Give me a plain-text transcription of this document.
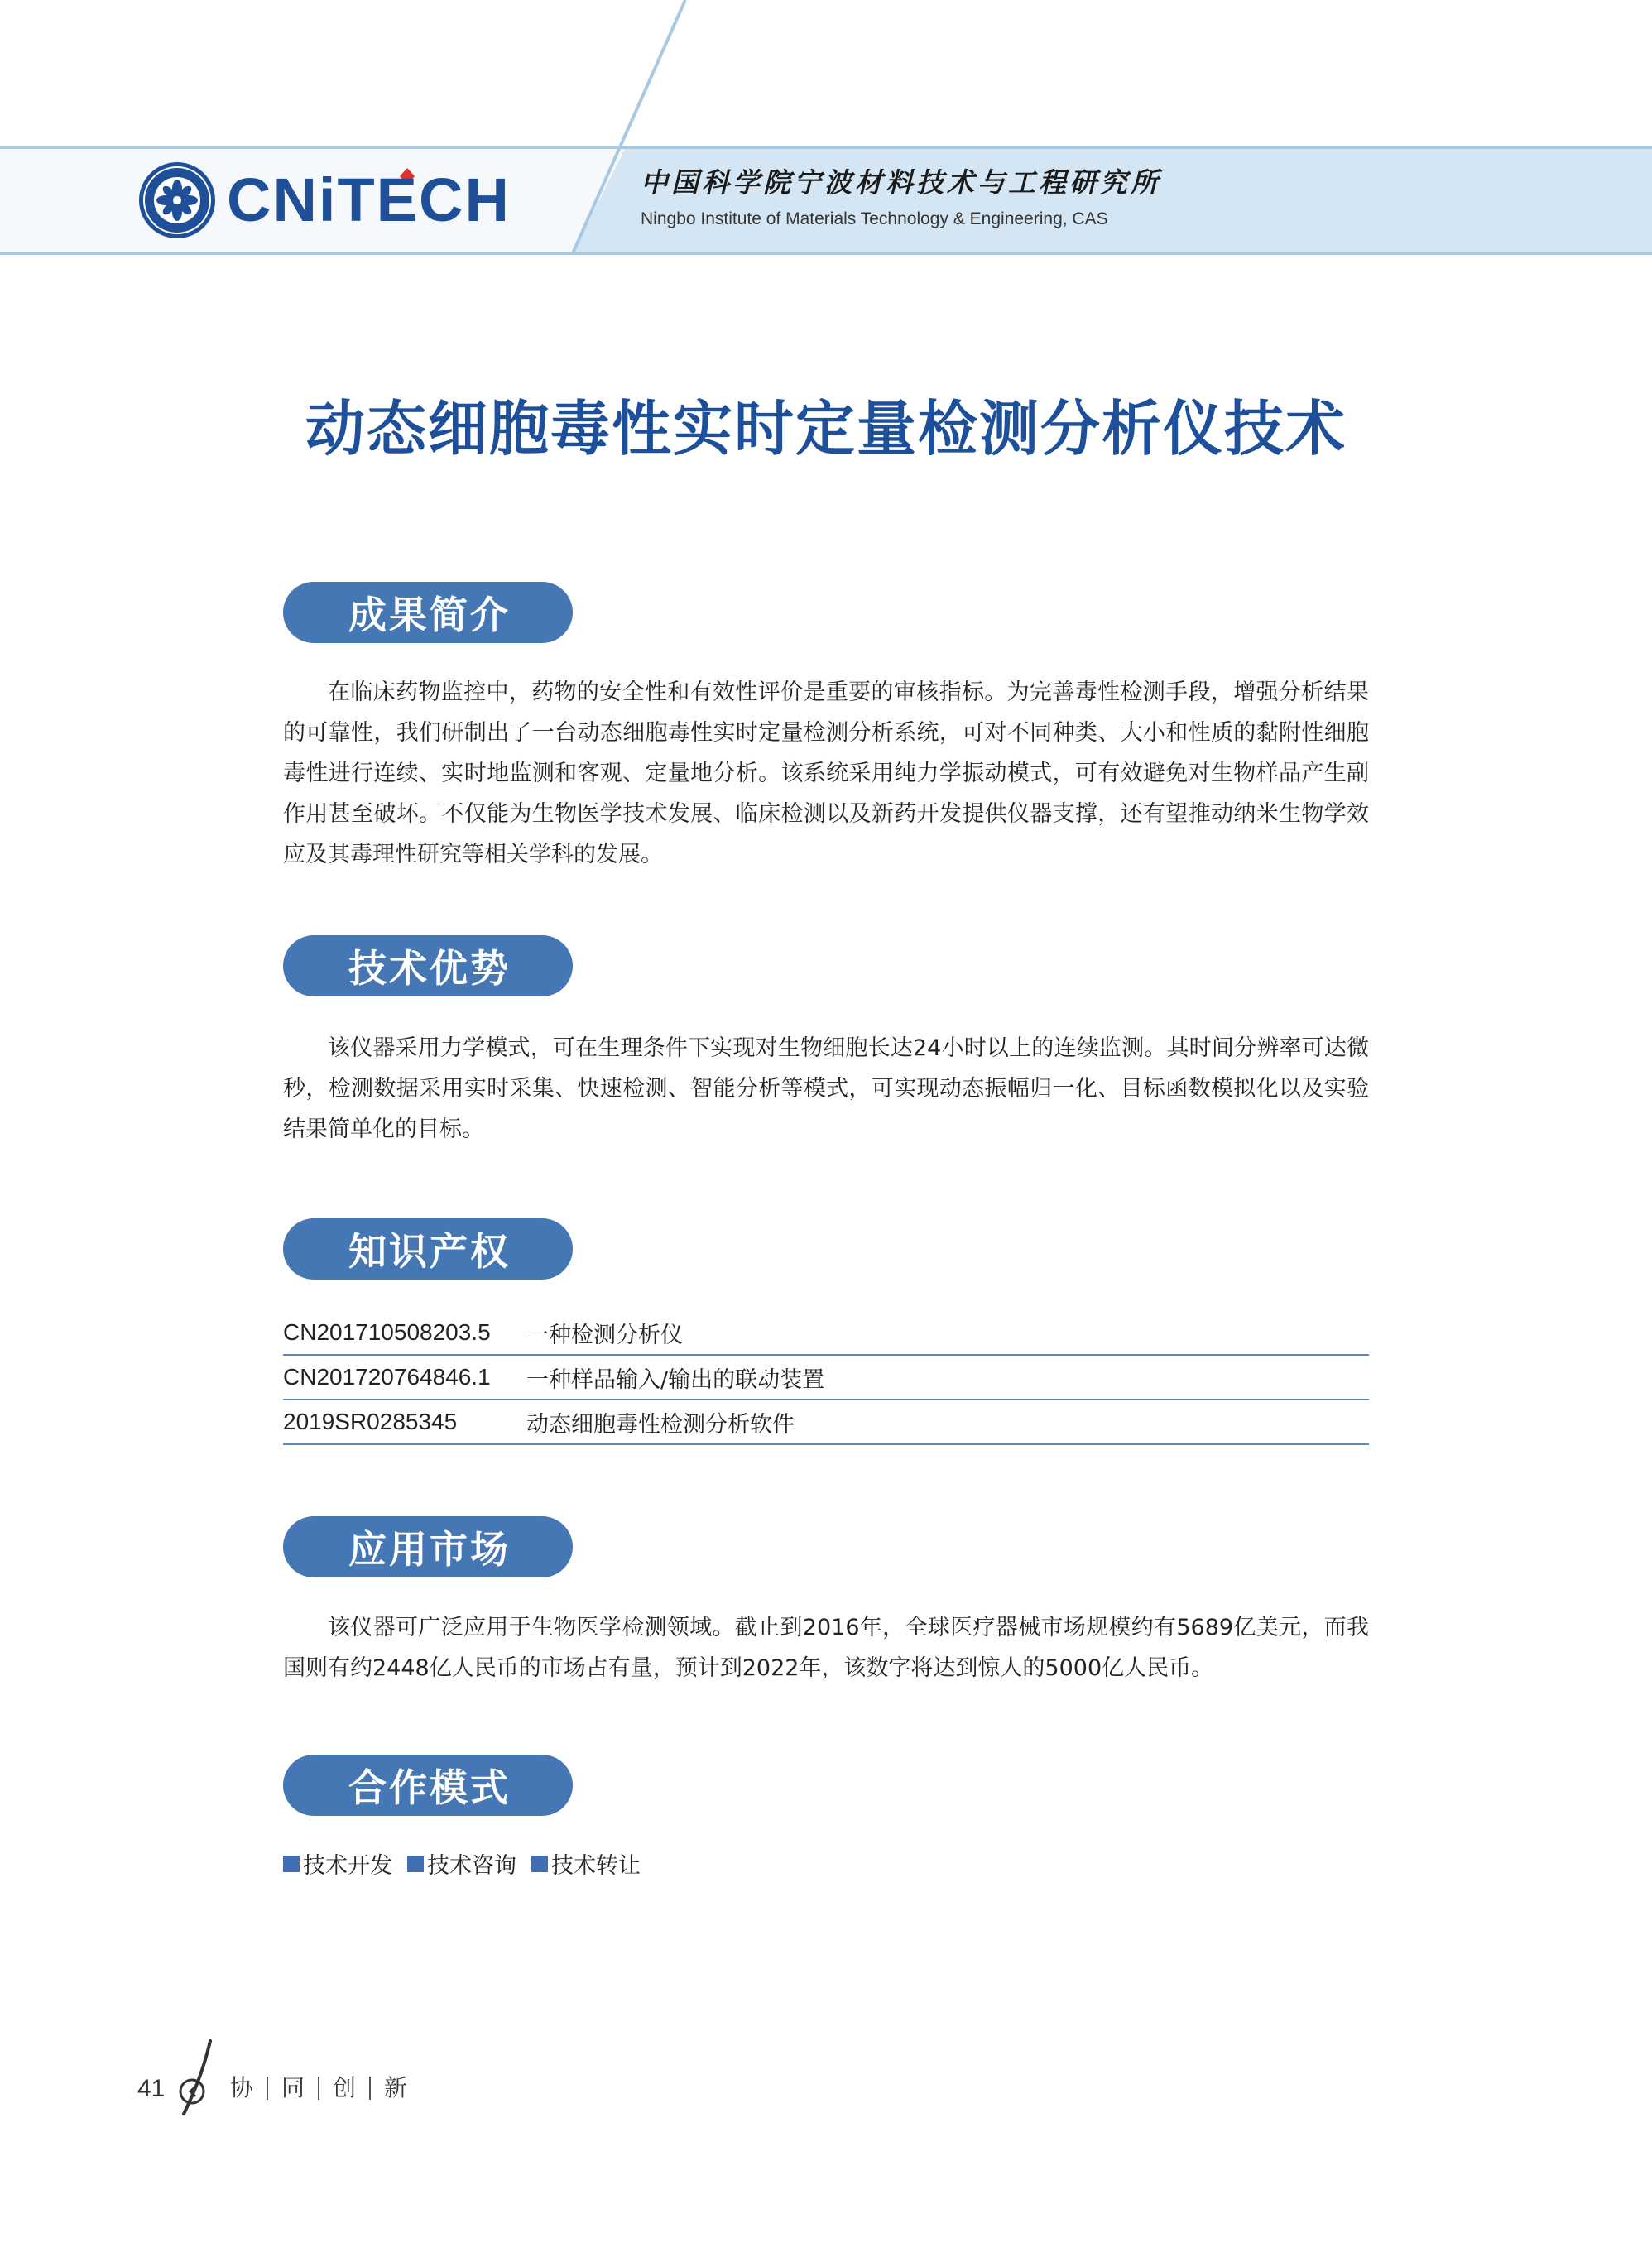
CNiTECH	中国科学院宁波材料技术与工程研究所
Ningbo Institute of Materials Technology & Engineering, CAS
动态细胞毒性实时定量检测分析仪技术
成果简介

在临床药物监控中，药物的安全性和有效性评价是重要的审核指标。为完善毒性检测手段，增强分析结果的可靠性，我们研制出了一台动态细胞毒性实时定量检测分析系统，可对不同种类、大小和性质的黏附性细胞毒性进行连续、实时地监测和客观、定量地分析。该系统采用纯力学振动模式，可有效避免对生物样品产生副作用甚至破坏。不仅能为生物医学技术发展、临床检测以及新药开发提供仪器支撑，还有望推动纳米生物学效应及其毒理性研究等相关学科的发展。

技术优势

该仪器采用力学模式，可在生理条件下实现对生物细胞长达24小时以上的连续监测。其时间分辨率可达微秒，检测数据采用实时采集、快速检测、智能分析等模式，可实现动态振幅归一化、目标函数模拟化以及实验结果简单化的目标。

知识产权
CN201710508203.5	一种检测分析仪
CN201720764846.1	一种样品输入/输出的联动装置
2019SR0285345	动态细胞毒性检测分析软件
应用市场

该仪器可广泛应用于生物医学检测领域。截止到2016年，全球医疗器械市场规模约有5689亿美元，而我国则有约2448亿人民币的市场占有量，预计到2022年，该数字将达到惊人的5000亿人民币。

合作模式
技术开发 技术咨询 技术转让
41	协 同 创 新
